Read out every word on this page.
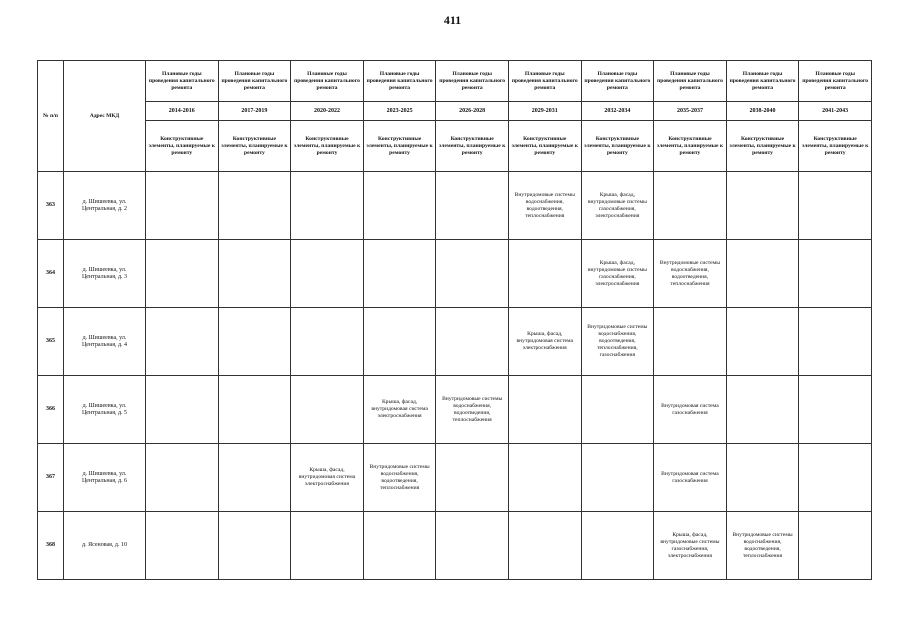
411
№ п/п	Адрес МКД	Плановые годы проведения капитального ремонта	Плановые годы проведения капитального ремонта	Плановые годы проведения капитального ремонта	Плановые годы проведения капитального ремонта	Плановые годы проведения капитального ремонта	Плановые годы проведения капитального ремонта	Плановые годы проведения капитального ремонта	Плановые годы проведения капитального ремонта	Плановые годы проведения капитального ремонта	Плановые годы проведения капитального ремонта
		2014-2016	2017-2019	2020-2022	2023-2025	2026-2028	2029-2031	2032-2034	2035-2037	2038-2040	2041-2043
		Конструктивные элементы, планируемые к ремонту	Конструктивные элементы, планируемые к ремонту	Конструктивные элементы, планируемые к ремонту	Конструктивные элементы, планируемые к ремонту	Конструктивные элементы, планируемые к ремонту	Конструктивные элементы, планируемые к ремонту	Конструктивные элементы, планируемые к ремонту	Конструктивные элементы, планируемые к ремонту	Конструктивные элементы, планируемые к ремонту	Конструктивные элементы, планируемые к ремонту
363	д. Шишеевка, ул. Центральная, д. 2						Внутридомовые системы водоснабжения, водоотведения, теплоснабжения	Крыша, фасад, внутридомовые системы газоснабжения, электроснабжения			
364	д. Шишеевка, ул. Центральная, д. 3							Крыша, фасад, внутридомовые системы газоснабжения, электроснабжения	Внутридомовые системы водоснабжения, водоотведения, теплоснабжения		
365	д. Шишеевка, ул. Центральная, д. 4						Крыша, фасад, внутридомовая система электроснабжения	Внутридомовые системы водоснабжения, водоотведения, теплоснабжения, газоснабжения			
366	д. Шишеевка, ул. Центральная, д. 5				Крыша, фасад, внутридомовая система электроснабжения	Внутридомовые системы водоснабжения, водоотведения, теплоснабжения			Внутридомовая система газоснабжения		
367	д. Шишеевка, ул. Центральная, д. 6			Крыша, фасад, внутридомовая система электроснабжения	Внутридомовые системы водоснабжения, водоотведения, теплоснабжения				Внутридомовая система газоснабжения		
368	д. Ясеновая, д. 10								Крыша, фасад, внутридомовые системы газоснабжения, электроснабжения	Внутридомовые системы водоснабжения, водоотведения, теплоснабжения	
